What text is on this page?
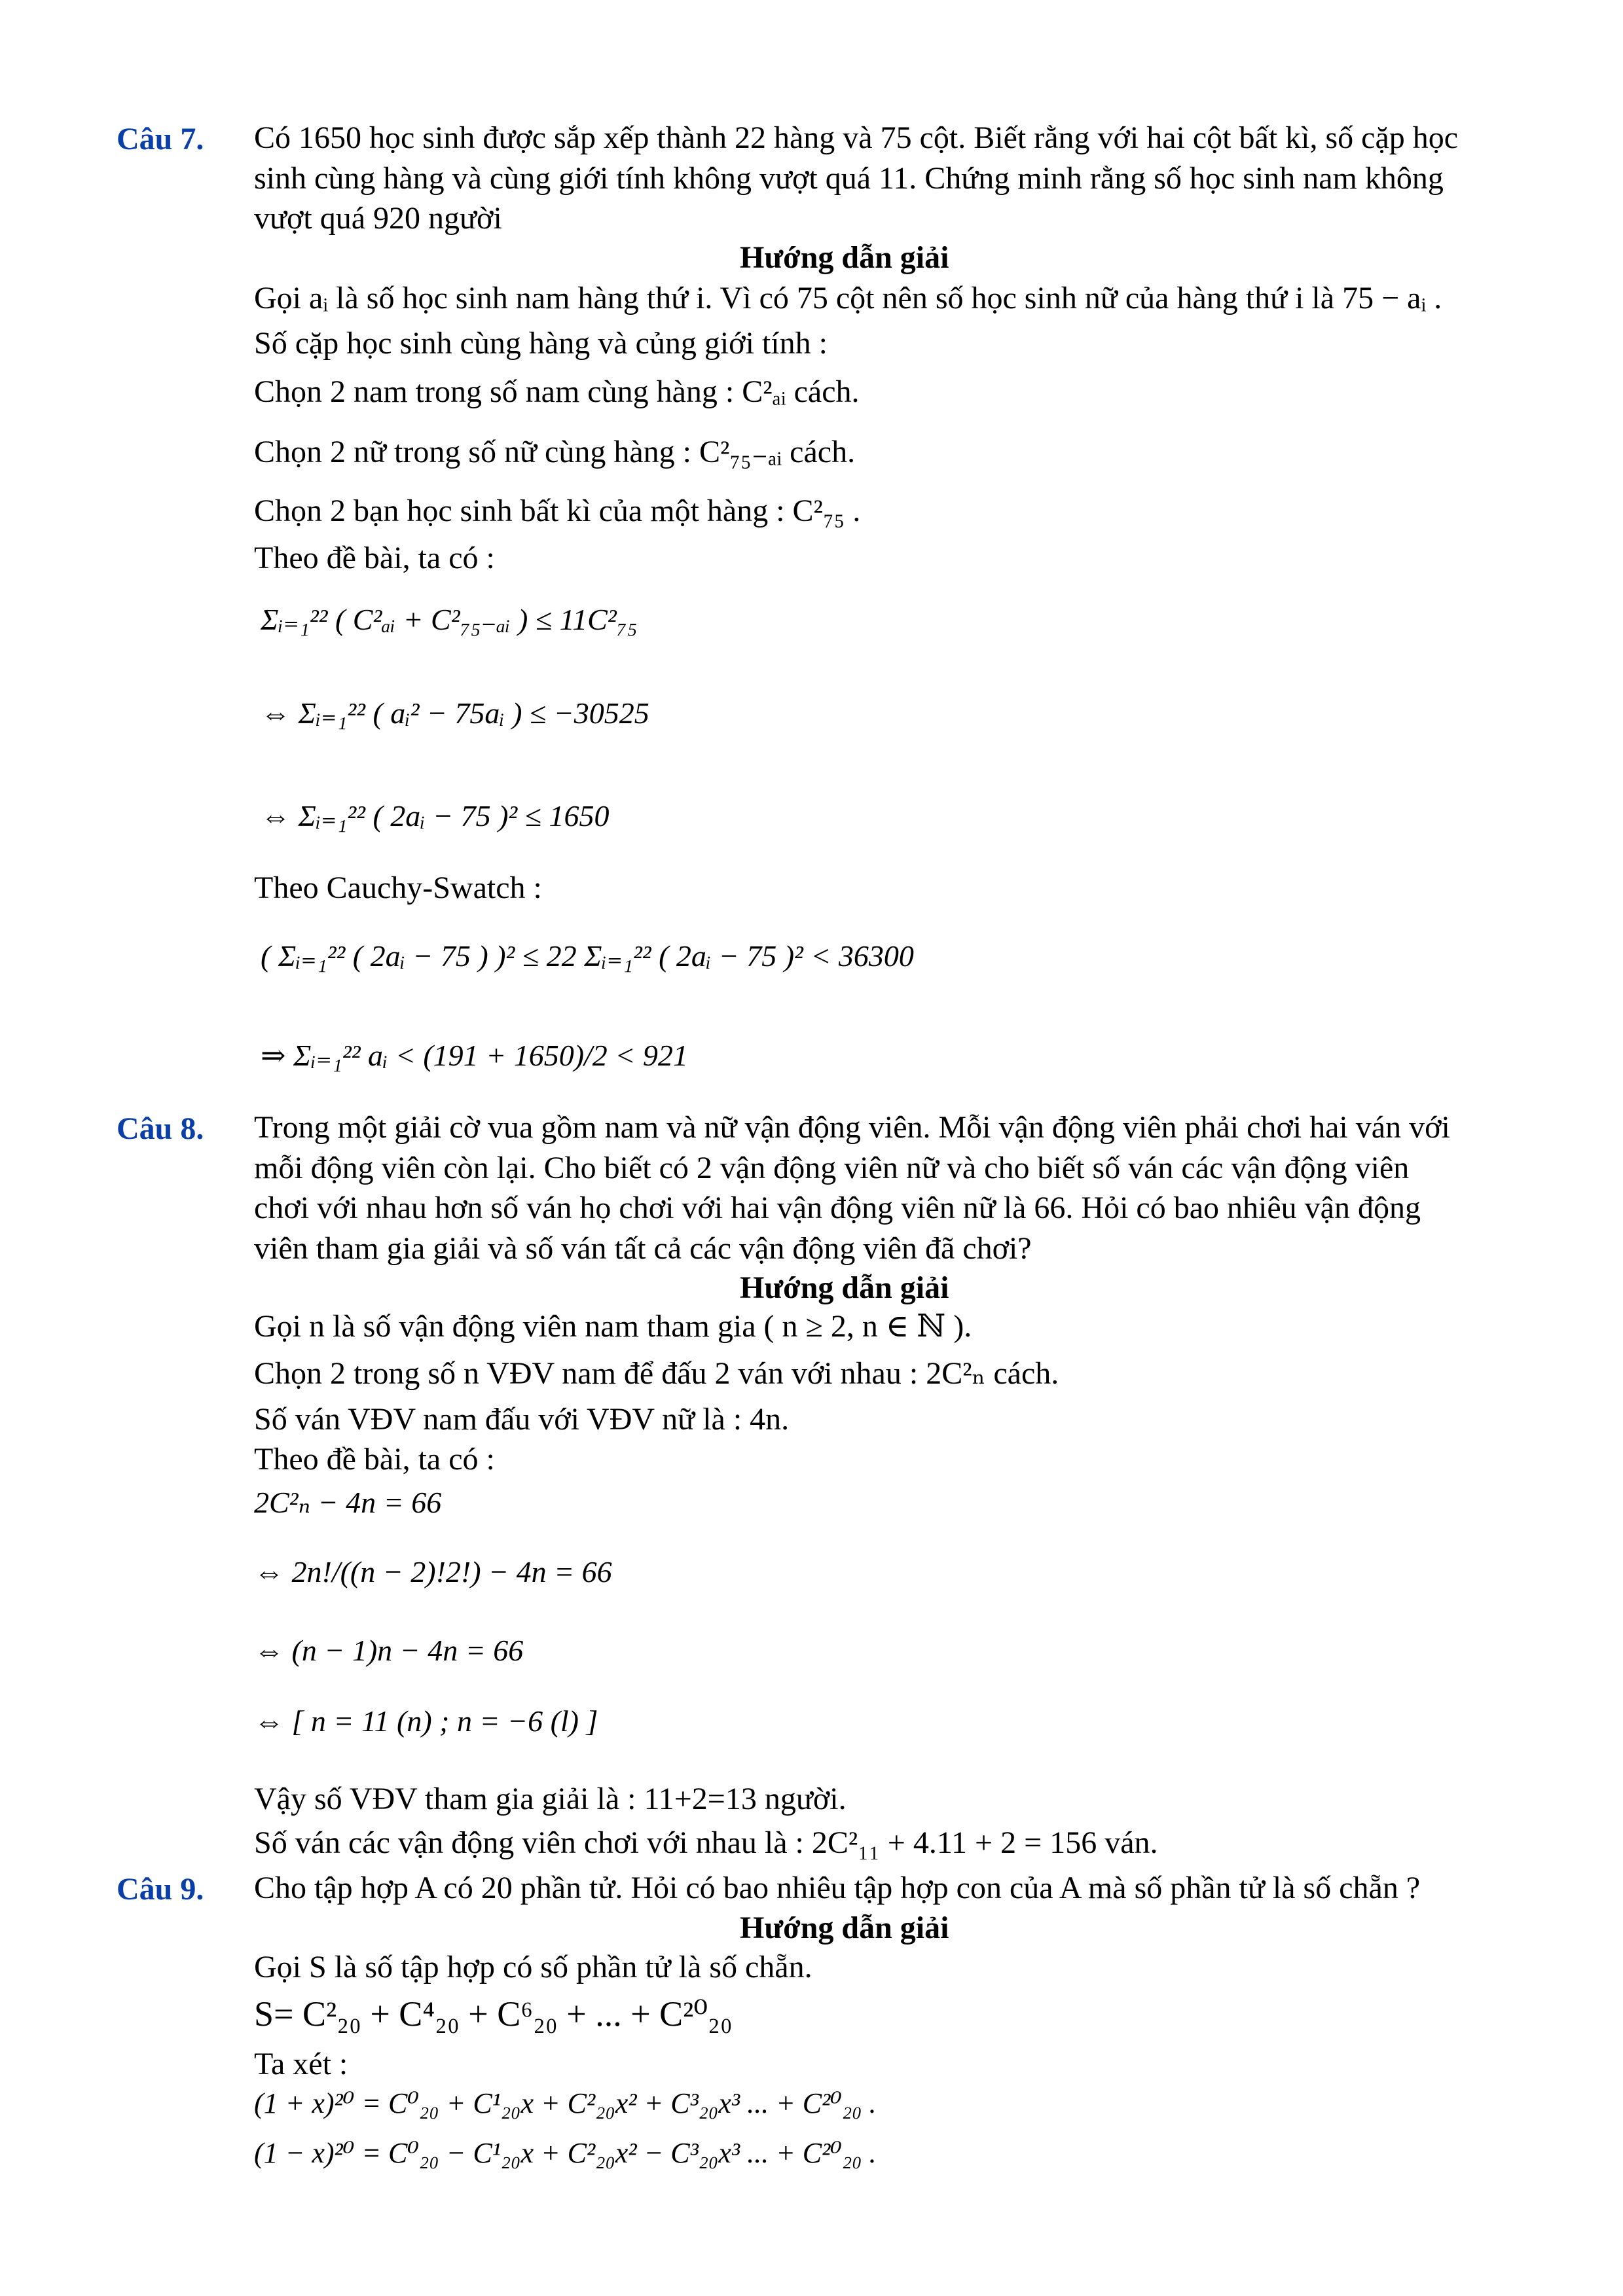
Câu 7. Có 1650 học sinh được sắp xếp thành 22 hàng và 75 cột. Biết rằng với hai cột bất kì, số cặp học
sinh cùng hàng và cùng giới tính không vượt quá 11. Chứng minh rằng số học sinh nam không
vượt quá 920 người
Hướng dẫn giải
Gọi aᵢ là số học sinh nam hàng thứ i. Vì có 75 cột nên số học sinh nữ của hàng thứ i là 75 − aᵢ .
Số cặp học sinh cùng hàng và củng giới tính :
Chọn 2 nam trong số nam cùng hàng : C²ₐᵢ cách.
Chọn 2 nữ trong số nữ cùng hàng : C²₇₅₋ₐᵢ cách.
Chọn 2 bạn học sinh bất kì của một hàng : C²₇₅ .
Theo đề bài, ta có :
Σᵢ₌₁²² ( C²ₐᵢ + C²₇₅₋ₐᵢ ) ≤ 11C²₇₅
⇔ Σᵢ₌₁²² ( aᵢ² − 75aᵢ ) ≤ −30525
⇔ Σᵢ₌₁²² ( 2aᵢ − 75 )² ≤ 1650
Theo Cauchy-Swatch :
( Σᵢ₌₁²² ( 2aᵢ − 75 ) )² ≤ 22 Σᵢ₌₁²² ( 2aᵢ − 75 )² < 36300
⇒ Σᵢ₌₁²² aᵢ < (191 + 1650)/2 < 921
Câu 8. Trong một giải cờ vua gồm nam và nữ vận động viên. Mỗi vận động viên phải chơi hai ván với
mỗi động viên còn lại. Cho biết có 2 vận động viên nữ và cho biết số ván các vận động viên
chơi với nhau hơn số ván họ chơi với hai vận động viên nữ là 66. Hỏi có bao nhiêu vận động
viên tham gia giải và số ván tất cả các vận động viên đã chơi?
Hướng dẫn giải
Gọi n là số vận động viên nam tham gia ( n ≥ 2, n ∈ ℕ ).
Chọn 2 trong số n VĐV nam để đấu 2 ván với nhau : 2C²ₙ cách.
Số ván VĐV nam đấu với VĐV nữ là : 4n.
Theo đề bài, ta có :
2C²ₙ − 4n = 66
⇔ 2n!/((n − 2)!2!) − 4n = 66
⇔ (n − 1)n − 4n = 66
⇔ [ n = 11 (n) ; n = −6 (l) ]
Vậy số VĐV tham gia giải là : 11+2=13 người.
Số ván các vận động viên chơi với nhau là : 2C²₁₁ + 4.11 + 2 = 156 ván.
Câu 9. Cho tập hợp A có 20 phần tử. Hỏi có bao nhiêu tập hợp con của A mà số phần tử là số chẵn ?
Hướng dẫn giải
Gọi S là số tập hợp có số phần tử là số chẵn.
S= C²₂₀ + C⁴₂₀ + C⁶₂₀ + ... + C²⁰₂₀
Ta xét :
(1 + x)²⁰ = C⁰₂₀ + C¹₂₀x + C²₂₀x² + C³₂₀x³ ... + C²⁰₂₀ .
(1 − x)²⁰ = C⁰₂₀ − C¹₂₀x + C²₂₀x² − C³₂₀x³ ... + C²⁰₂₀ .
